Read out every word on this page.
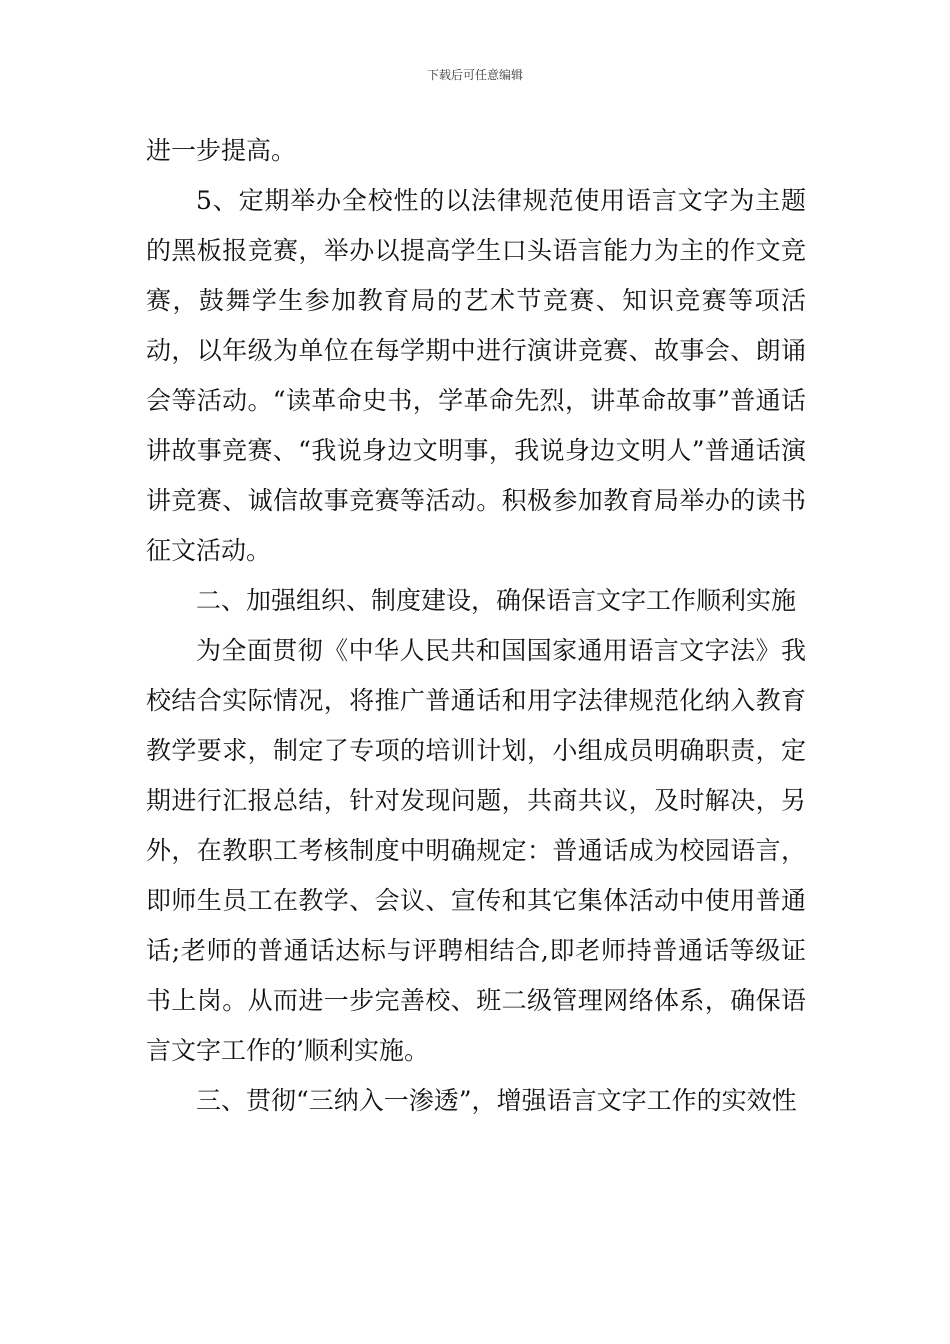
下载后可任意编辑

进一步提高。

5、定期举办全校性的以法律规范使用语言文字为主题的黑板报竞赛，举办以提高学生口头语言能力为主的作文竞赛，鼓舞学生参加教育局的艺术节竞赛、知识竞赛等项活动，以年级为单位在每学期中进行演讲竞赛、故事会、朗诵会等活动。“读革命史书，学革命先烈，讲革命故事”普通话讲故事竞赛、“我说身边文明事，我说身边文明人”普通话演讲竞赛、诚信故事竞赛等活动。积极参加教育局举办的读书征文活动。

二、加强组织、制度建设，确保语言文字工作顺利实施

为全面贯彻《中华人民共和国国家通用语言文字法》我校结合实际情况，将推广普通话和用字法律规范化纳入教育教学要求，制定了专项的培训计划，小组成员明确职责，定期进行汇报总结，针对发现问题，共商共议，及时解决，另外，在教职工考核制度中明确规定：普通话成为校园语言，即师生员工在教学、会议、宣传和其它集体活动中使用普通话;老师的普通话达标与评聘相结合,即老师持普通话等级证书上岗。从而进一步完善校、班二级管理网络体系，确保语言文字工作的’顺利实施。

三、贯彻“三纳入一渗透”，增强语言文字工作的实效性
